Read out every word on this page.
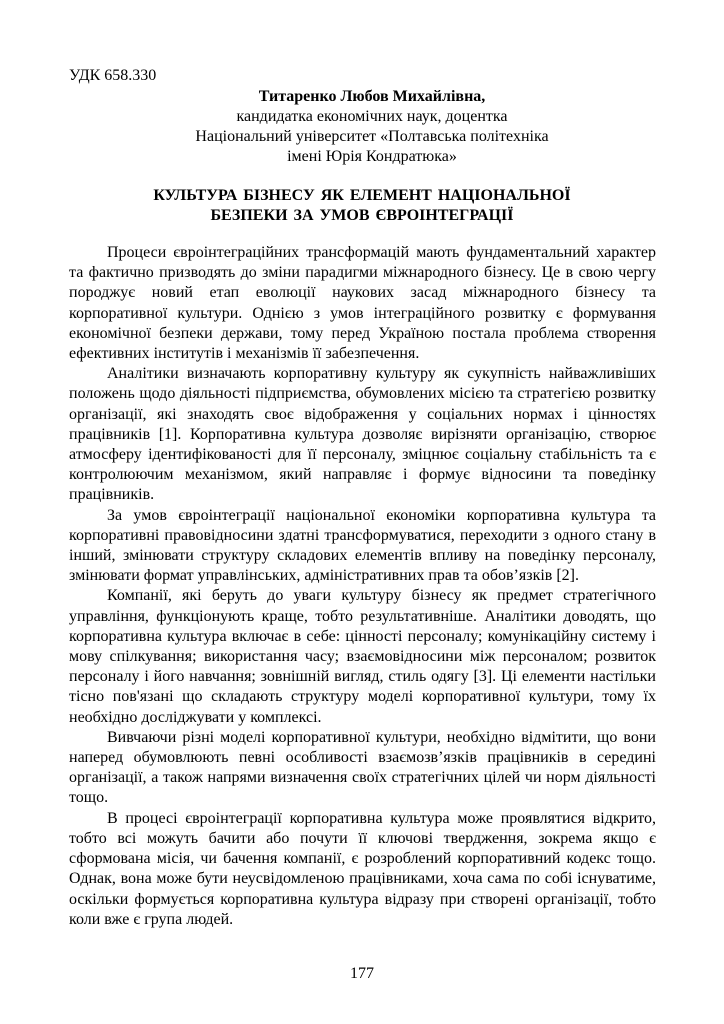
УДК 658.330
Титаренко Любов Михайлівна,
кандидатка економічних наук, доцентка
Національний університет «Полтавська політехніка
імені Юрія Кондратюка»
КУЛЬТУРА БІЗНЕСУ ЯК ЕЛЕМЕНТ НАЦІОНАЛЬНОЇ
БЕЗПЕКИ ЗА УМОВ ЄВРОІНТЕГРАЦІЇ

Процеси євроінтеграційних трансформацій мають фундаментальний характер та фактично призводять до зміни парадигми міжнародного бізнесу. Це в свою чергу породжує новий етап еволюції наукових засад міжнародного бізнесу та корпоративної культури. Однією з умов інтеграційного розвитку є формування економічної безпеки держави, тому перед Україною постала проблема створення ефективних інститутів і механізмів її забезпечення.

Аналітики визначають корпоративну культуру як сукупність найважливіших положень щодо діяльності підприємства, обумовлених місією та стратегією розвитку організації, які знаходять своє відображення у соціальних нормах і цінностях працівників [1]. Корпоративна культура дозволяє вирізняти організацію, створює атмосферу ідентифікованості для її персоналу, зміцнює соціальну стабільність та є контролюючим механізмом, який направляє і формує відносини та поведінку працівників.

За умов євроінтеграції національної економіки корпоративна культура та корпоративні правовідносини здатні трансформуватися, переходити з одного стану в інший, змінювати структуру складових елементів впливу на поведінку персоналу, змінювати формат управлінських, адміністративних прав та обов’язків [2].

Компанії, які беруть до уваги культуру бізнесу як предмет стратегічного управління, функціонують краще, тобто результативніше. Аналітики доводять, що корпоративна культура включає в себе: цінності персоналу; комунікаційну систему і мову спілкування; використання часу; взаємовідносини між персоналом; розвиток персоналу і його навчання; зовнішній вигляд, стиль одягу [3]. Ці елементи настільки тісно пов'язані що складають структуру моделі корпоративної культури, тому їх необхідно досліджувати у комплексі.

Вивчаючи різні моделі корпоративної культури, необхідно відмітити, що вони наперед обумовлюють певні особливості взаємозв’язків працівників в середині організації, а також напрями визначення своїх стратегічних цілей чи норм діяльності тощо.

В процесі євроінтеграції корпоративна культура може проявлятися відкрито, тобто всі можуть бачити або почути її ключові твердження, зокрема якщо є сформована місія, чи бачення компанії, є розроблений корпоративний кодекс тощо. Однак, вона може бути неусвідомленою працівниками, хоча сама по собі існуватиме, оскільки формується корпоративна культура відразу при створені організації, тобто коли вже є група людей.

177
